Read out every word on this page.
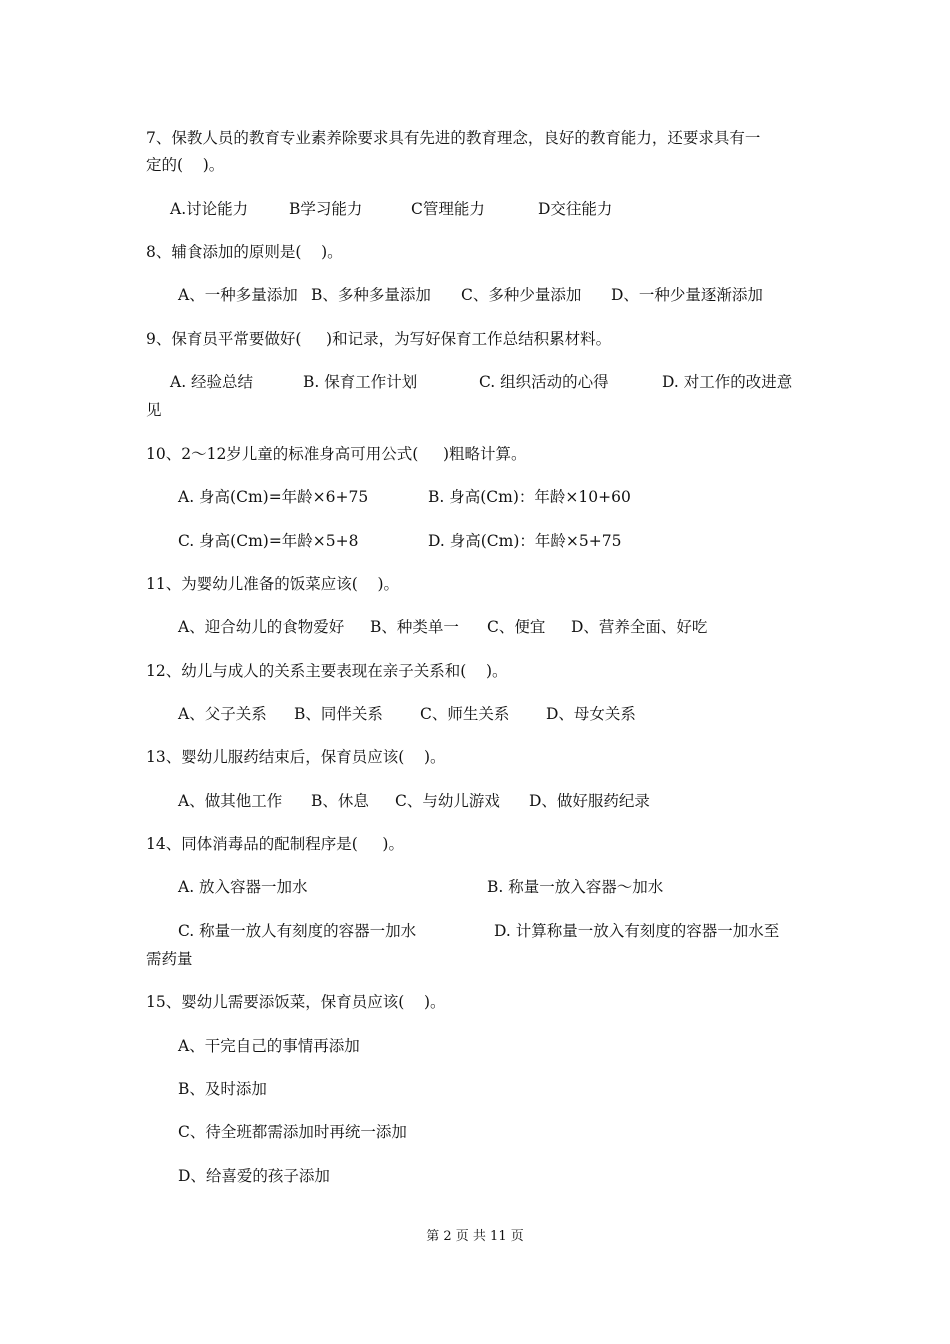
7、保教人员的教育专业素养除要求具有先进的教育理念，良好的教育能力，还要求具有一
定的(    )。
A.讨论能力	B学习能力	C管理能力	D交往能力
8、辅食添加的原则是(    )。
A、一种多量添加 B、多种多量添加 C、多种少量添加 D、一种少量逐渐添加
9、保育员平常要做好(     )和记录，为写好保育工作总结积累材料。
A. 经验总结	B. 保育工作计划	C. 组织活动的心得	D. 对工作的改进意
见
10、2～12岁儿童的标准身高可用公式(     )粗略计算。
A. 身高(Cm)=年龄×6+75	B. 身高(Cm)：年龄×10+60
C. 身高(Cm)=年龄×5+8	D. 身高(Cm)：年龄×5+75
11、为婴幼儿准备的饭菜应该(    )。
A、迎合幼儿的食物爱好 B、种类单一 C、便宜 D、营养全面、好吃
12、幼儿与成人的关系主要表现在亲子关系和(    )。
A、父子关系 B、同伴关系 C、师生关系 D、母女关系
13、婴幼儿服药结束后，保育员应该(    )。
A、做其他工作 B、休息 C、与幼儿游戏 D、做好服药纪录
14、同体消毒品的配制程序是(     )。
A. 放入容器一加水	B. 称量一放入容器～加水
C. 称量一放人有刻度的容器一加水	D. 计算称量一放入有刻度的容器一加水至
需药量
15、婴幼儿需要添饭菜，保育员应该(    )。
A、干完自己的事情再添加
B、及时添加
C、待全班都需添加时再统一添加
D、给喜爱的孩子添加
第 2 页 共 11 页
